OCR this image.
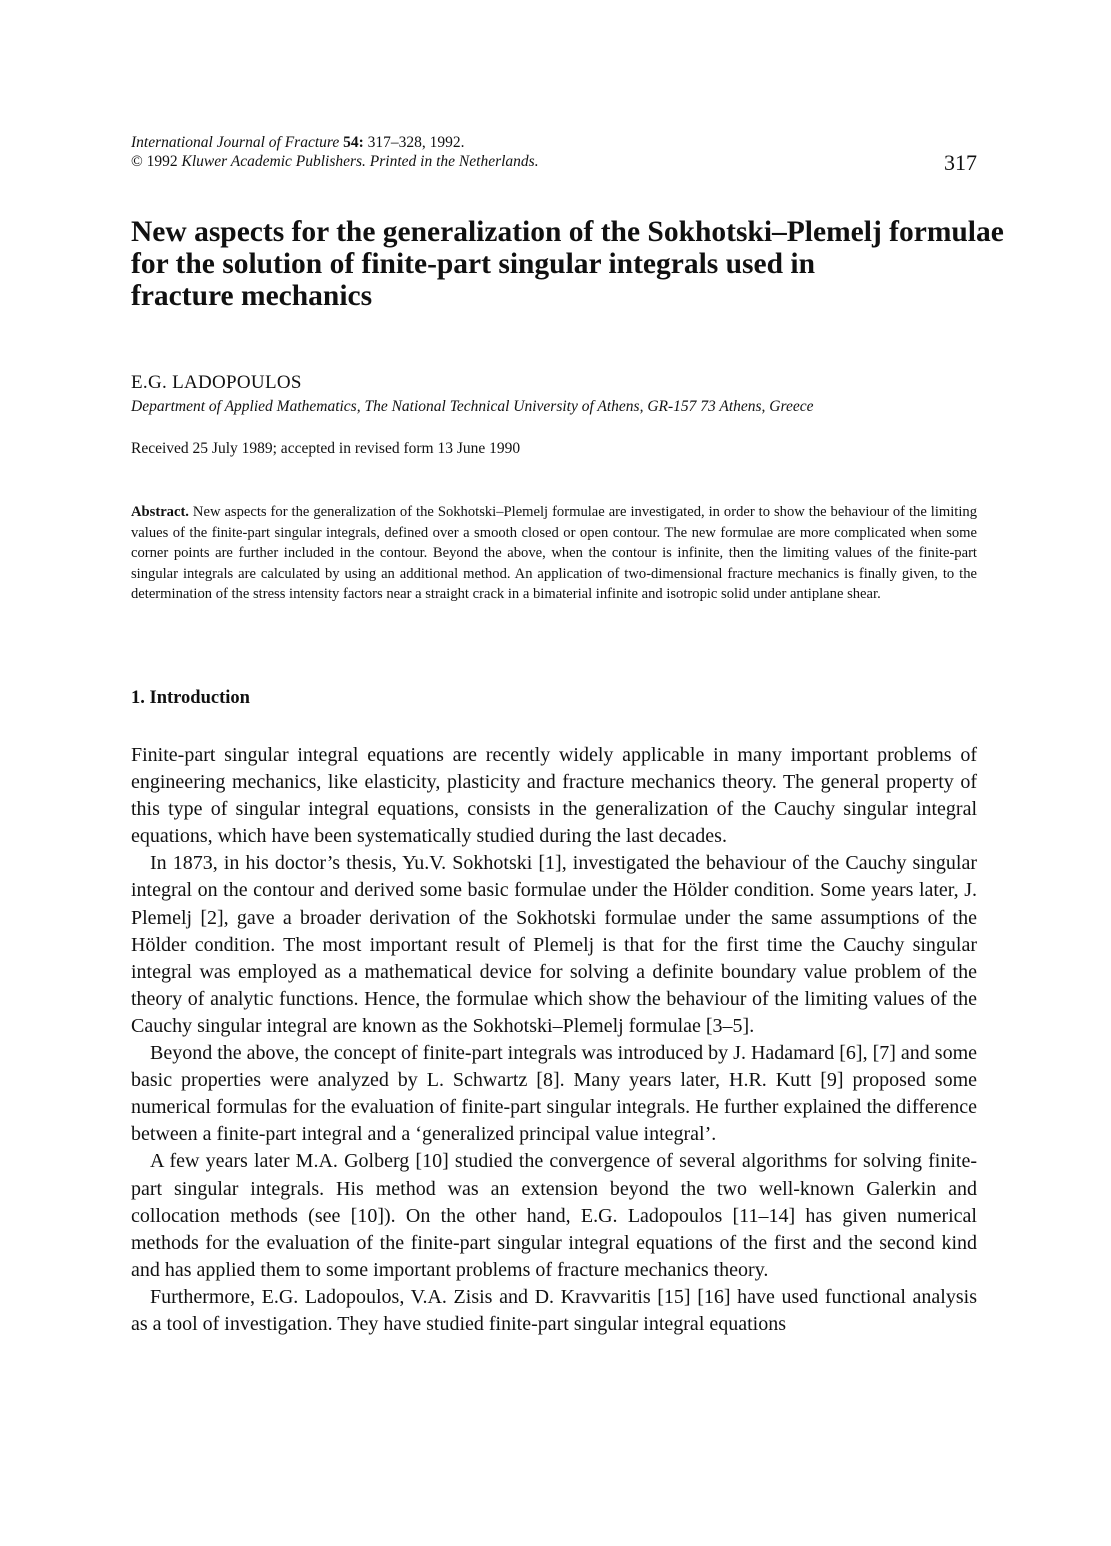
International Journal of Fracture 54: 317–328, 1992.
© 1992 Kluwer Academic Publishers. Printed in the Netherlands.	317
New aspects for the generalization of the Sokhotski–Plemelj formulae
for the solution of finite-part singular integrals used in
fracture mechanics
E.G. LADOPOULOS
Department of Applied Mathematics, The National Technical University of Athens, GR-157 73 Athens, Greece
Received 25 July 1989; accepted in revised form 13 June 1990

Abstract. New aspects for the generalization of the Sokhotski–Plemelj formulae are investigated, in order to show the behaviour of the limiting values of the finite-part singular integrals, defined over a smooth closed or open contour. The new formulae are more complicated when some corner points are further included in the contour. Beyond the above, when the contour is infinite, then the limiting values of the finite-part singular integrals are calculated by using an additional method. An application of two-dimensional fracture mechanics is finally given, to the determination of the stress intensity factors near a straight crack in a bimaterial infinite and isotropic solid under antiplane shear.

1. Introduction

Finite-part singular integral equations are recently widely applicable in many important problems of engineering mechanics, like elasticity, plasticity and fracture mechanics theory. The general property of this type of singular integral equations, consists in the generalization of the Cauchy singular integral equations, which have been systematically studied during the last decades.

In 1873, in his doctor’s thesis, Yu.V. Sokhotski [1], investigated the behaviour of the Cauchy singular integral on the contour and derived some basic formulae under the Hölder condition. Some years later, J. Plemelj [2], gave a broader derivation of the Sokhotski formulae under the same assumptions of the Hölder condition. The most important result of Plemelj is that for the first time the Cauchy singular integral was employed as a mathematical device for solving a definite boundary value problem of the theory of analytic functions. Hence, the formulae which show the behaviour of the limiting values of the Cauchy singular integral are known as the Sokhotski–Plemelj formulae [3–5].

Beyond the above, the concept of finite-part integrals was introduced by J. Hadamard [6], [7] and some basic properties were analyzed by L. Schwartz [8]. Many years later, H.R. Kutt [9] proposed some numerical formulas for the evaluation of finite-part singular integrals. He further explained the difference between a finite-part integral and a ‘generalized principal value integral’.

A few years later M.A. Golberg [10] studied the convergence of several algorithms for solving finite-part singular integrals. His method was an extension beyond the two well-known Galerkin and collocation methods (see [10]). On the other hand, E.G. Ladopoulos [11–14] has given numerical methods for the evaluation of the finite-part singular integral equations of the first and the second kind and has applied them to some important problems of fracture mechanics theory.

Furthermore, E.G. Ladopoulos, V.A. Zisis and D. Kravvaritis [15] [16] have used functional analysis as a tool of investigation. They have studied finite-part singular integral equations
